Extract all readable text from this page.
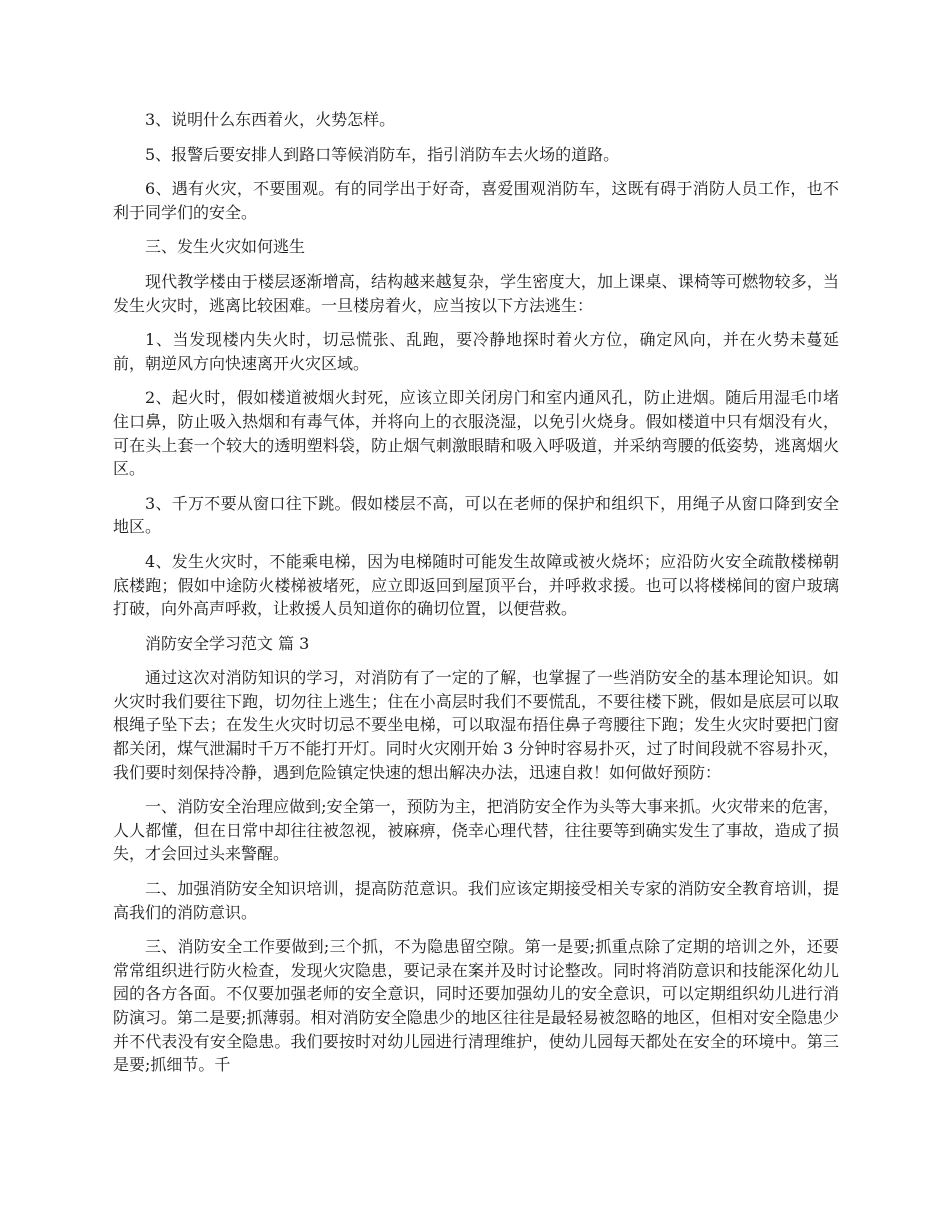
3、说明什么东西着火，火势怎样。

5、报警后要安排人到路口等候消防车，指引消防车去火场的道路。

6、遇有火灾，不要围观。有的同学出于好奇，喜爱围观消防车，这既有碍于消防人员工作，也不利于同学们的安全。

三、发生火灾如何逃生

现代教学楼由于楼层逐渐增高，结构越来越复杂，学生密度大，加上课桌、课椅等可燃物较多，当发生火灾时，逃离比较困难。一旦楼房着火，应当按以下方法逃生：

1、当发现楼内失火时，切忌慌张、乱跑，要冷静地探时着火方位，确定风向，并在火势未蔓延前，朝逆风方向快速离开火灾区域。

2、起火时，假如楼道被烟火封死，应该立即关闭房门和室内通风孔，防止进烟。随后用湿毛巾堵住口鼻，防止吸入热烟和有毒气体，并将向上的衣服浇湿，以免引火烧身。假如楼道中只有烟没有火，可在头上套一个较大的透明塑料袋，防止烟气刺激眼睛和吸入呼吸道，并采纳弯腰的低姿势，逃离烟火区。

3、千万不要从窗口往下跳。假如楼层不高，可以在老师的保护和组织下，用绳子从窗口降到安全地区。

4、发生火灾时，不能乘电梯，因为电梯随时可能发生故障或被火烧坏；应沿防火安全疏散楼梯朝底楼跑；假如中途防火楼梯被堵死，应立即返回到屋顶平台，并呼救求援。也可以将楼梯间的窗户玻璃打破，向外高声呼救，让救援人员知道你的确切位置，以便营救。

消防安全学习范文 篇 3

通过这次对消防知识的学习，对消防有了一定的了解，也掌握了一些消防安全的基本理论知识。如火灾时我们要往下跑，切勿往上逃生；住在小高层时我们不要慌乱，不要往楼下跳，假如是底层可以取根绳子坠下去；在发生火灾时切忌不要坐电梯，可以取湿布捂住鼻子弯腰往下跑；发生火灾时要把门窗都关闭，煤气泄漏时千万不能打开灯。同时火灾刚开始 3 分钟时容易扑灭，过了时间段就不容易扑灭，我们要时刻保持冷静，遇到危险镇定快速的想出解决办法，迅速自救！如何做好预防：

一、消防安全治理应做到;安全第一，预防为主，把消防安全作为头等大事来抓。火灾带来的危害，人人都懂，但在日常中却往往被忽视，被麻痹，侥幸心理代替，往往要等到确实发生了事故，造成了损失，才会回过头来警醒。

二、加强消防安全知识培训，提高防范意识。我们应该定期接受相关专家的消防安全教育培训，提高我们的消防意识。

三、消防安全工作要做到;三个抓，不为隐患留空隙。第一是要;抓重点除了定期的培训之外，还要常常组织进行防火检查，发现火灾隐患，要记录在案并及时讨论整改。同时将消防意识和技能深化幼儿园的各方各面。不仅要加强老师的安全意识，同时还要加强幼儿的安全意识，可以定期组织幼儿进行消防演习。第二是要;抓薄弱。相对消防安全隐患少的地区往往是最轻易被忽略的地区，但相对安全隐患少并不代表没有安全隐患。我们要按时对幼儿园进行清理维护，使幼儿园每天都处在安全的环境中。第三是要;抓细节。千
